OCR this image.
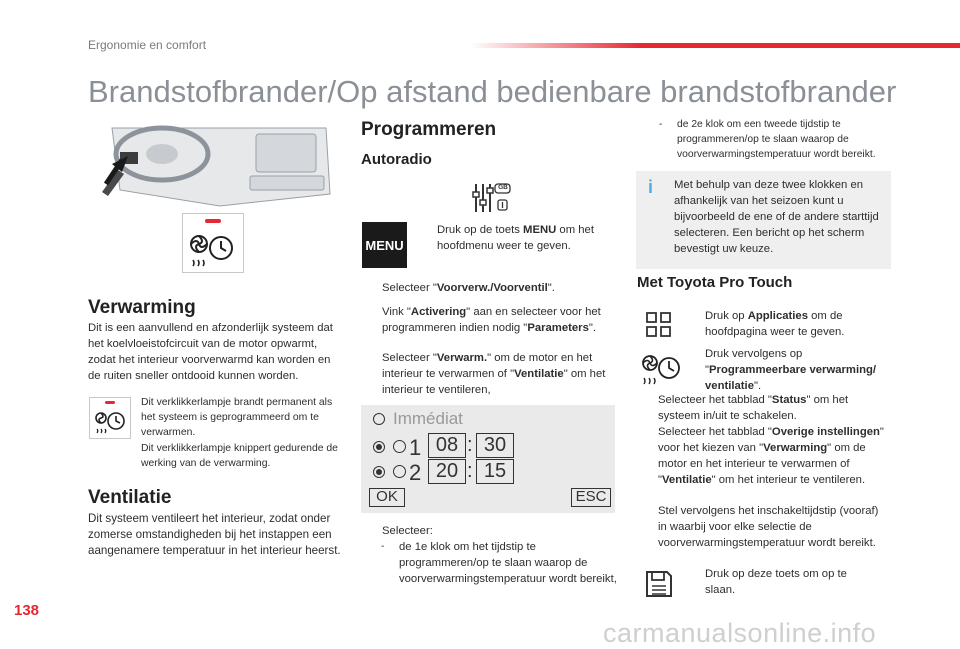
Ergonomie en comfort
Brandstofbrander/Op afstand bedienbare brandstofbrander
Verwarming
Dit is een aanvullend en afzonderlijk systeem dat het koelvloeistofcircuit van de motor opwarmt, zodat het interieur voorverwarmd kan worden en de ruiten sneller ontdooid kunnen worden.
Dit verklikkerlampje brandt permanent als het systeem is geprogrammeerd om te verwarmen.
Dit verklikkerlampje knippert gedurende de werking van de verwarming.
Ventilatie
Dit systeem ventileert het interieur, zodat onder zomerse omstandigheden bij het instappen een aangenamere temperatuur in het interieur heerst.
Programmeren
Autoradio
GB
MENU
Druk op de toets MENU om het hoofdmenu weer te geven.
Selecteer "Voorverw./Voorventil".
Vink "Activering" aan en selecteer voor het programmeren indien nodig "Parameters".
Selecteer "Verwarm." om de motor en het interieur te verwarmen of "Ventilatie" om het interieur te ventileren,
Immédiat
1 08 : 30
2 20 : 15
OK	ESC
Selecteer:
-	de 1e klok om het tijdstip te programmeren/op te slaan waarop de voorverwarmingstemperatuur wordt bereikt,
-	de 2e klok om een tweede tijdstip te programmeren/op te slaan waarop de voorverwarmingstemperatuur wordt bereikt.
i Met behulp van deze twee klokken en afhankelijk van het seizoen kunt u bijvoorbeeld de ene of de andere starttijd selecteren. Een bericht op het scherm bevestigt uw keuze.
Met Toyota Pro Touch
Druk op Applicaties om de hoofdpagina weer te geven.
Druk vervolgens op "Programmeerbare verwarming/ ventilatie".
Selecteer het tabblad "Status" om het systeem in/uit te schakelen.
Selecteer het tabblad "Overige instellingen" voor het kiezen van "Verwarming" om de motor en het interieur te verwarmen of "Ventilatie" om het interieur te ventileren.
Stel vervolgens het inschakeltijdstip (vooraf) in waarbij voor elke selectie de voorverwarmingstemperatuur wordt bereikt.
Druk op deze toets om op te slaan.
138
carmanualsonline.info
